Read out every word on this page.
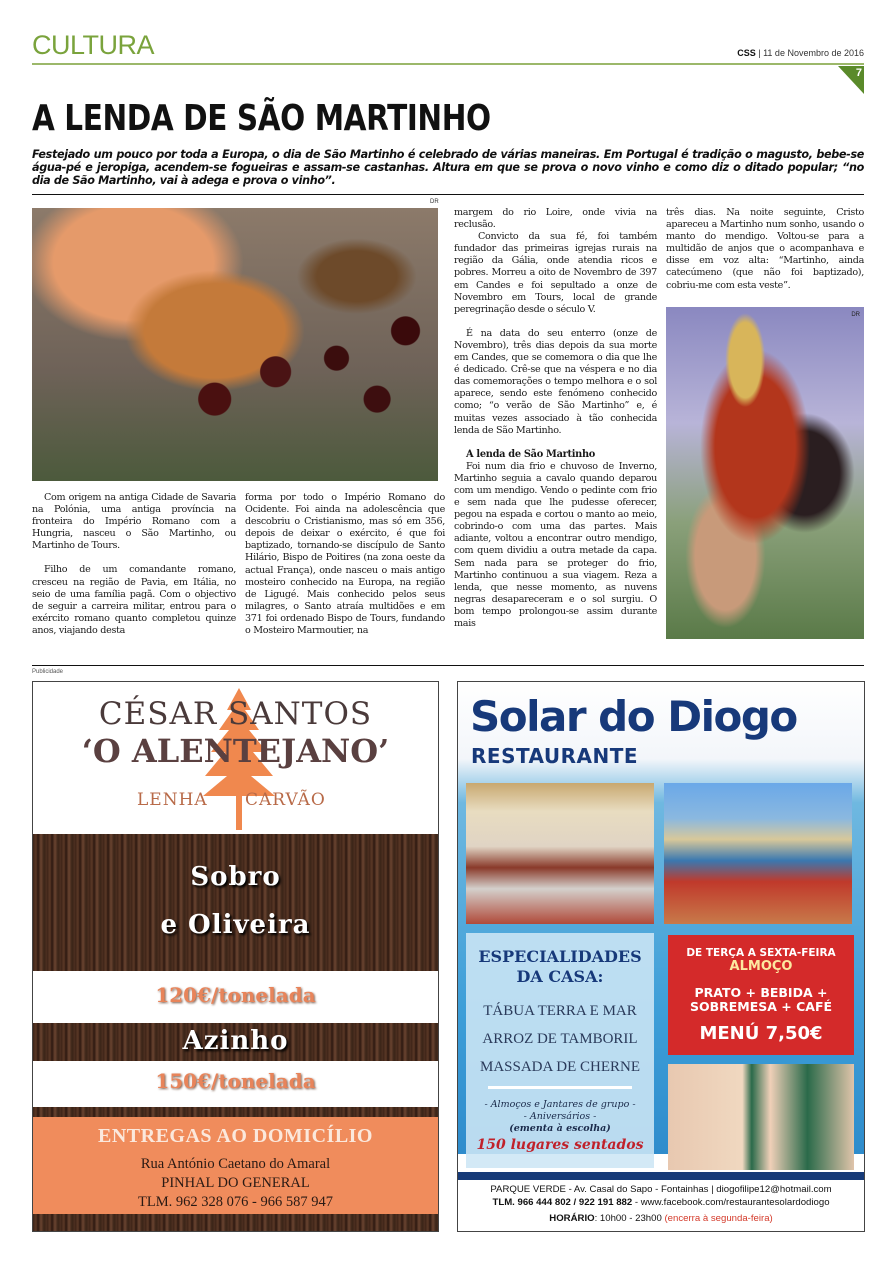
CULTURA	CSS | 11 de Novembro de 2016
7
A LENDA DE SÃO MARTINHO

Festejado um pouco por toda a Europa, o dia de São Martinho é celebrado de várias maneiras. Em Portugal é tradição o magusto, bebe-se água-pé e jeropiga, acendem-se fogueiras e assam-se castanhas. Altura em que se prova o novo vinho e como diz o ditado popular; “no dia de São Martinho, vai à adega e prova o vinho”.

DR
DR

Com origem na antiga Cidade de Savaria na Polónia, uma antiga província na fronteira do Império Romano com a Hungria, nasceu o São Martinho, ou Martinho de Tours.

Filho de um comandante romano, cresceu na região de Pavia, em Itália, no seio de uma família pagã. Com o objectivo de seguir a carreira militar, entrou para o exército romano quanto completou quinze anos, viajando desta

forma por todo o Império Romano do Ocidente. Foi ainda na adolescência que descobriu o Cristianismo, mas só em 356, depois de deixar o exército, é que foi baptizado, tornando-se discípulo de Santo Hilário, Bispo de Poitires (na zona oeste da actual França), onde nasceu o mais antigo mosteiro conhecido na Europa, na região de Ligugé. Mais conhecido pelos seus milagres, o Santo atraía multidões e em 371 foi ordenado Bispo de Tours, fundando o Mosteiro Marmoutier, na

margem do rio Loire, onde vivia na reclusão.

Convicto da sua fé, foi também fundador das primeiras igrejas rurais na região da Gália, onde atendia ricos e pobres. Morreu a oito de Novembro de 397 em Candes e foi sepultado a onze de Novembro em Tours, local de grande peregrinação desde o século V.

É na data do seu enterro (onze de Novembro), três dias depois da sua morte em Candes, que se comemora o dia que lhe é dedicado. Crê-se que na véspera e no dia das comemorações o tempo melhora e o sol aparece, sendo este fenómeno conhecido como; “o verão de São Martinho” e, é muitas vezes associado à tão conhecida lenda de São Martinho.

A lenda de São Martinho

Foi num dia frio e chuvoso de Inverno, Martinho seguia a cavalo quando deparou com um mendigo. Vendo o pedinte com frio e sem nada que lhe pudesse oferecer, pegou na espada e cortou o manto ao meio, cobrindo-o com uma das partes. Mais adiante, voltou a encontrar outro mendigo, com quem dividiu a outra metade da capa. Sem nada para se proteger do frio, Martinho continuou a sua viagem. Reza a lenda, que nesse momento, as nuvens negras desapareceram e o sol surgiu. O bom tempo prolongou-se assim durante mais

três dias. Na noite seguinte, Cristo apareceu a Martinho num sonho, usando o manto do mendigo. Voltou-se para a multidão de anjos que o acompanhava e disse em voz alta: “Martinho, ainda catecúmeno (que não foi baptizado), cobriu-me com esta veste”.

Publicidade
CÉSAR SANTOS
‘O ALENTEJANO’
LENHA CARVÃO
Sobro
e Oliveira
120€/tonelada
Azinho
150€/tonelada
ENTREGAS AO DOMICÍLIO
Rua António Caetano do Amaral
PINHAL DO GENERAL
TLM. 962 328 076 - 966 587 947
Solar do Diogo
RESTAURANTE
ESPECIALIDADES
DA CASA:
TÁBUA TERRA E MAR
ARROZ DE TAMBORIL
MASSADA DE CHERNE
- Almoços e Jantares de grupo -
- Aniversários -
(ementa à escolha)
150 lugares sentados
DE TERÇA A SEXTA-FEIRA
ALMOÇO
PRATO + BEBIDA +
SOBREMESA + CAFÉ
MENÚ 7,50€
PARQUE VERDE - Av. Casal do Sapo - Fontainhas | diogofilipe12@hotmail.com
TLM. 966 444 802 / 922 191 882 - www.facebook.com/restaurantesolardodiogo
HORÁRIO: 10h00 - 23h00 (encerra à segunda-feira)
